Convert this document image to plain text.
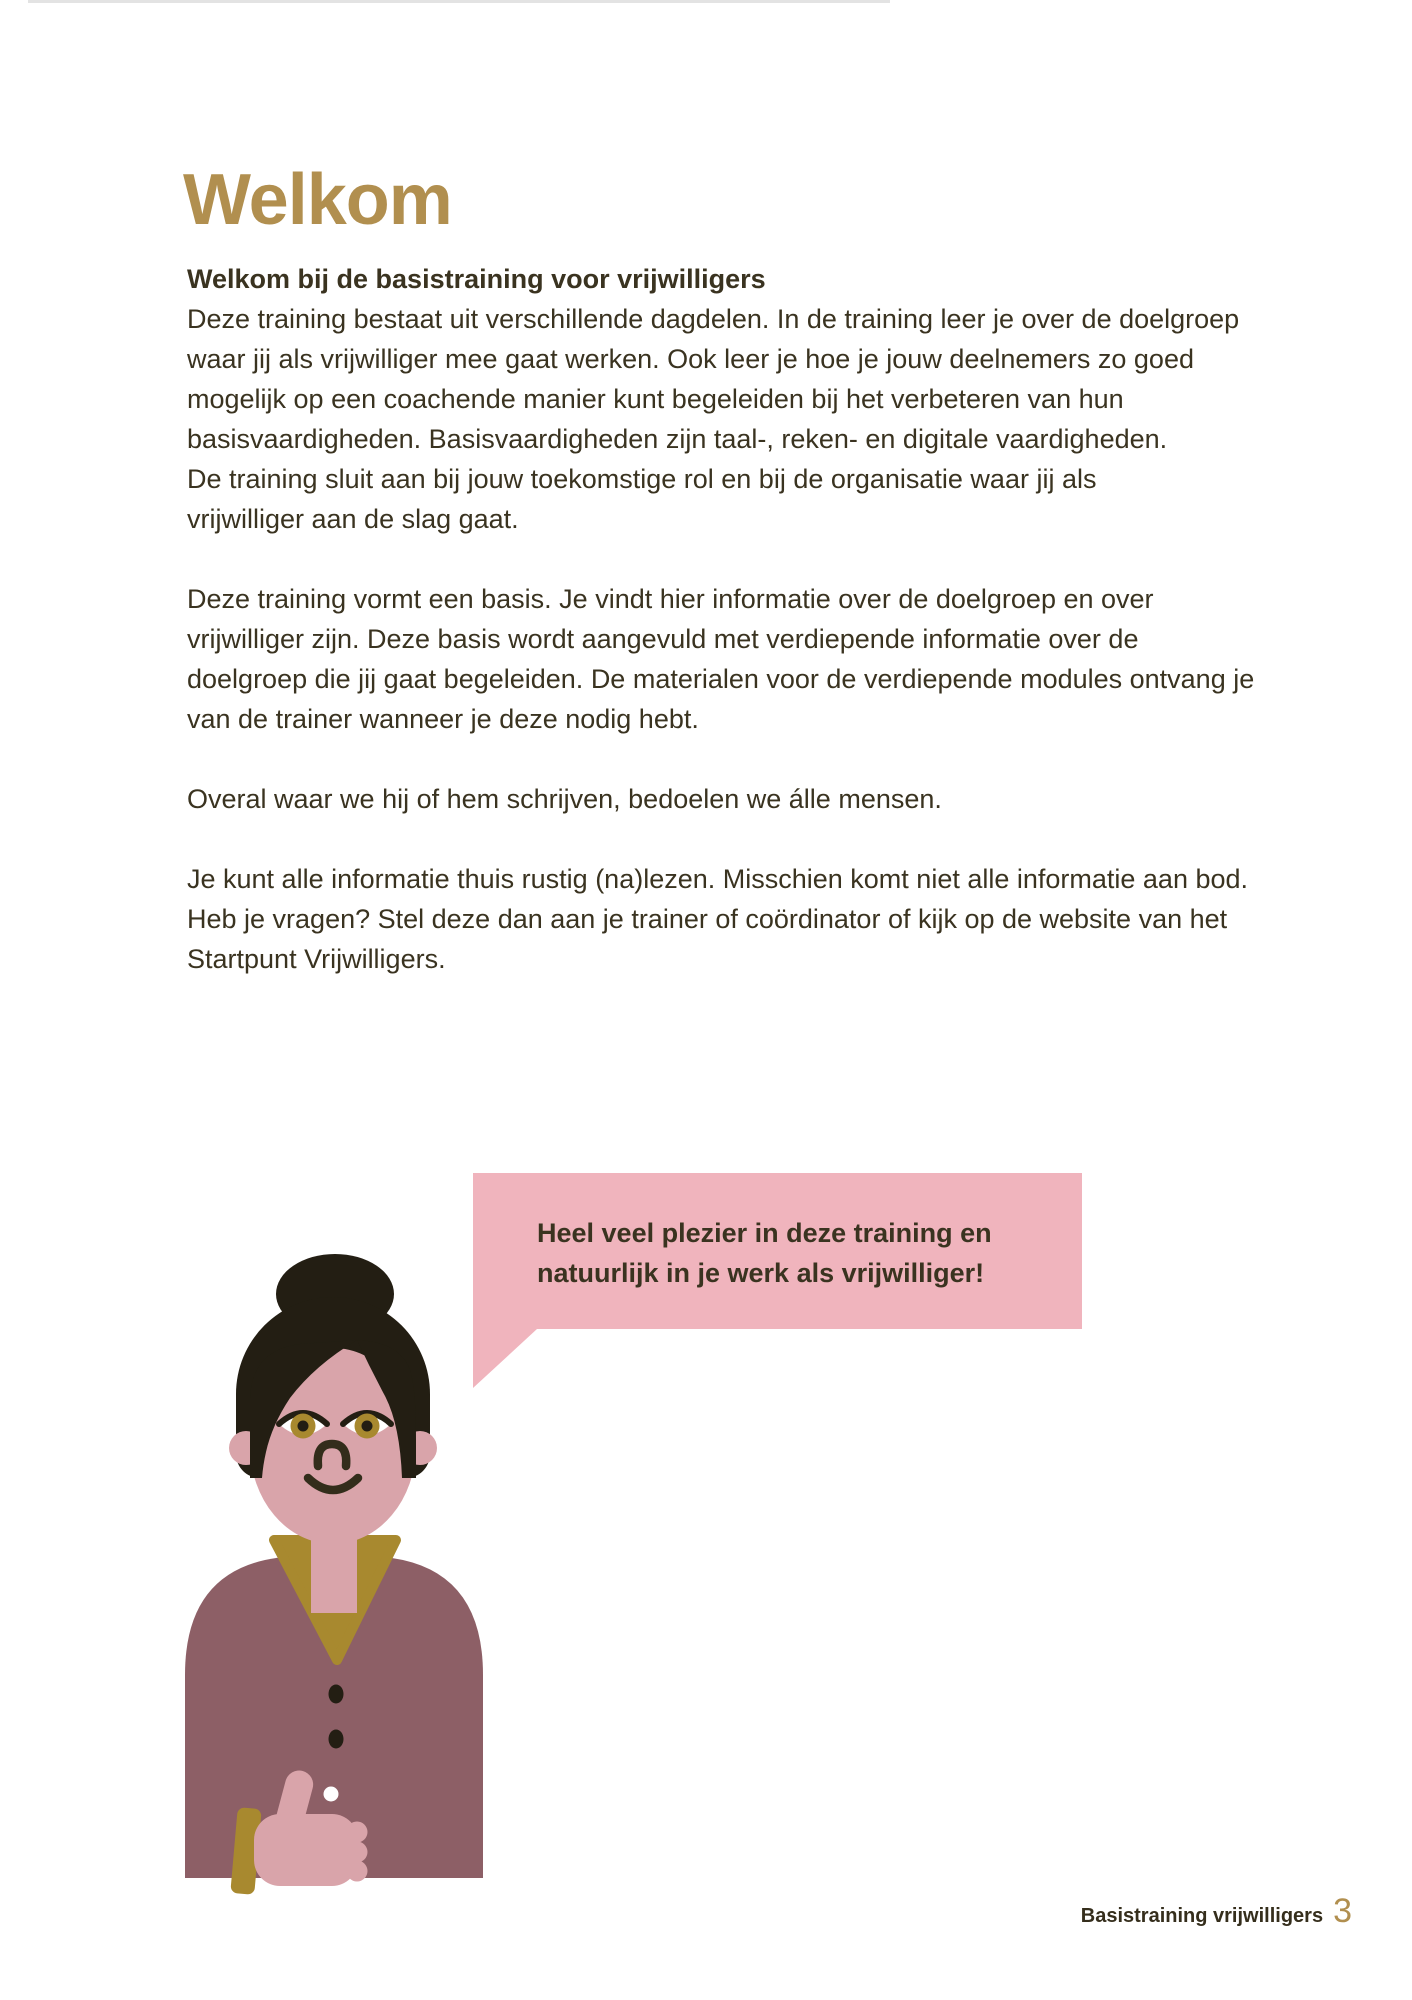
Welkom
Welkom bij de basistraining voor vrijwilligers
Deze training bestaat uit verschillende dagdelen. In de training leer je over de doelgroep
waar jij als vrijwilliger mee gaat werken. Ook leer je hoe je jouw deelnemers zo goed
mogelijk op een coachende manier kunt begeleiden bij het verbeteren van hun
basisvaardigheden. Basisvaardigheden zijn taal-, reken- en digitale vaardigheden.
De training sluit aan bij jouw toekomstige rol en bij de organisatie waar jij als
vrijwilliger aan de slag gaat.
Deze training vormt een basis. Je vindt hier informatie over de doelgroep en over
vrijwilliger zijn. Deze basis wordt aangevuld met verdiepende informatie over de
doelgroep die jij gaat begeleiden. De materialen voor de verdiepende modules ontvang je
van de trainer wanneer je deze nodig hebt.
Overal waar we hij of hem schrijven, bedoelen we álle mensen.
Je kunt alle informatie thuis rustig (na)lezen. Misschien komt niet alle informatie aan bod.
Heb je vragen? Stel deze dan aan je trainer of coördinator of kijk op de website van het
Startpunt Vrijwilligers.
Heel veel plezier in deze training en
natuurlijk in je werk als vrijwilliger!
Basistraining vrijwilligers 3
